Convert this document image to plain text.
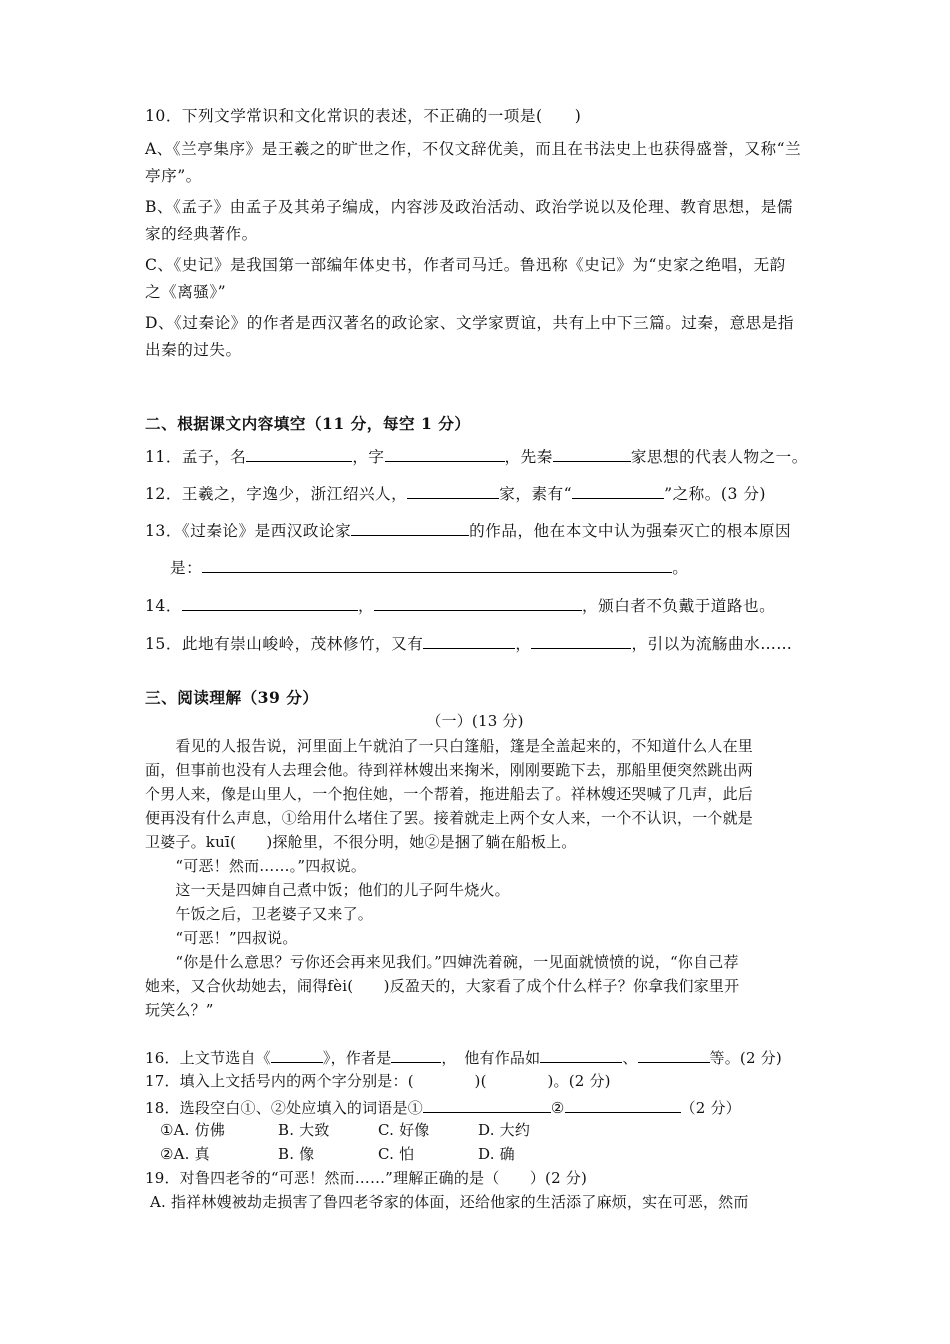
10．下列文学常识和文化常识的表述，不正确的一项是(　　)
A、《兰亭集序》是王羲之的旷世之作，不仅文辞优美，而且在书法史上也获得盛誉，又称“兰
亭序”。
B、《孟子》由孟子及其弟子编成，内容涉及政治活动、政治学说以及伦理、教育思想，是儒
家的经典著作。
C、《史记》是我国第一部编年体史书，作者司马迁。鲁迅称《史记》为“史家之绝唱，无韵
之《离骚》”
D、《过秦论》的作者是西汉著名的政论家、文学家贾谊，共有上中下三篇。过秦，意思是指
出秦的过失。
二、根据课文内容填空（11 分，每空 1 分）
11．孟子，名	，字	，先秦	家思想的代表人物之一。
12．王羲之，字逸少，浙江绍兴人，	家，素有“	”之称。(3 分)
13．《过秦论》是西汉政论家	的作品，他在本文中认为强秦灭亡的根本原因
是：	。
14．	，	，颁白者不负戴于道路也。
15．此地有崇山峻岭，茂林修竹，又有	，	，引以为流觞曲水……
三、阅读理解（39 分）
（一）(13 分)
　　看见的人报告说，河里面上午就泊了一只白篷船，篷是全盖起来的，不知道什么人在里
面，但事前也没有人去理会他。待到祥林嫂出来掬米，刚刚要跪下去，那船里便突然跳出两
个男人来，像是山里人，一个抱住她，一个帮着，拖进船去了。祥林嫂还哭喊了几声，此后
便再没有什么声息，①给用什么堵住了罢。接着就走上两个女人来，一个不认识，一个就是
卫婆子。kuī(　　)探舱里，不很分明，她②是捆了躺在船板上。
　　“可恶！然而……。”四叔说。
　　这一天是四婶自己煮中饭；他们的儿子阿牛烧火。
　　午饭之后，卫老婆子又来了。
　　“可恶！”四叔说。
　　“你是什么意思？亏你还会再来见我们。”四婶洗着碗，一见面就愤愤的说，“你自己荐
她来，又合伙劫她去，闹得fèi(　　)反盈天的，大家看了成个什么样子？你拿我们家里开
玩笑么？”
16．上文节选自《	》，作者是	，　他有作品如	、	等。(2 分)
17．填入上文括号内的两个字分别是：(　　　　)(　　　　)。(2 分)
18．选段空白①、②处应填入的词语是①	②	（2 分）
①A. 仿佛	B. 大致	C. 好像	D. 大约
②A. 真	B. 像	C. 怕	D. 确
19．对鲁四老爷的“可恶！然而……”理解正确的是（　　）(2 分)
A. 指祥林嫂被劫走损害了鲁四老爷家的体面，还给他家的生活添了麻烦，实在可恶，然而
